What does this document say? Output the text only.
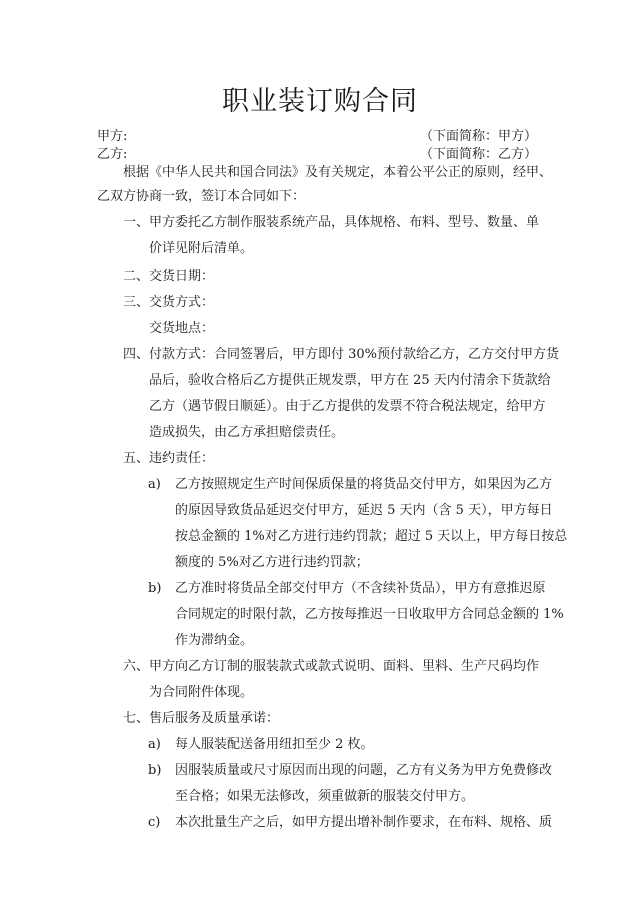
职业装订购合同
甲方:	（下面简称：甲方）
乙方:	（下面简称：乙方）
根据《中华人民共和国合同法》及有关规定，本着公平公正的原则，经甲、
乙双方协商一致，签订本合同如下：
一、甲方委托乙方制作服装系统产品，具体规格、布料、型号、数量、单
价详见附后清单。
二、交货日期：
三、交货方式：
交货地点：
四、付款方式：合同签署后，甲方即付 30%预付款给乙方，乙方交付甲方货
品后，验收合格后乙方提供正规发票，甲方在 25 天内付清余下货款给
乙方（遇节假日顺延）。由于乙方提供的发票不符合税法规定，给甲方
造成损失，由乙方承担赔偿责任。
五、违约责任：
a) 乙方按照规定生产时间保质保量的将货品交付甲方，如果因为乙方
的原因导致货品延迟交付甲方，延迟 5 天内（含 5 天），甲方每日
按总金额的 1%对乙方进行违约罚款；超过 5 天以上，甲方每日按总
额度的 5%对乙方进行违约罚款；
b) 乙方准时将货品全部交付甲方（不含续补货品），甲方有意推迟原
合同规定的时限付款，乙方按每推迟一日收取甲方合同总金额的 1%
作为滞纳金。
六、甲方向乙方订制的服装款式或款式说明、面料、里料、生产尺码均作
为合同附件体现。
七、售后服务及质量承诺：
a) 每人服装配送备用纽扣至少 2 枚。
b) 因服装质量或尺寸原因而出现的问题，乙方有义务为甲方免费修改
至合格；如果无法修改，须重做新的服装交付甲方。
c) 本次批量生产之后，如甲方提出增补制作要求，在布料、规格、质
